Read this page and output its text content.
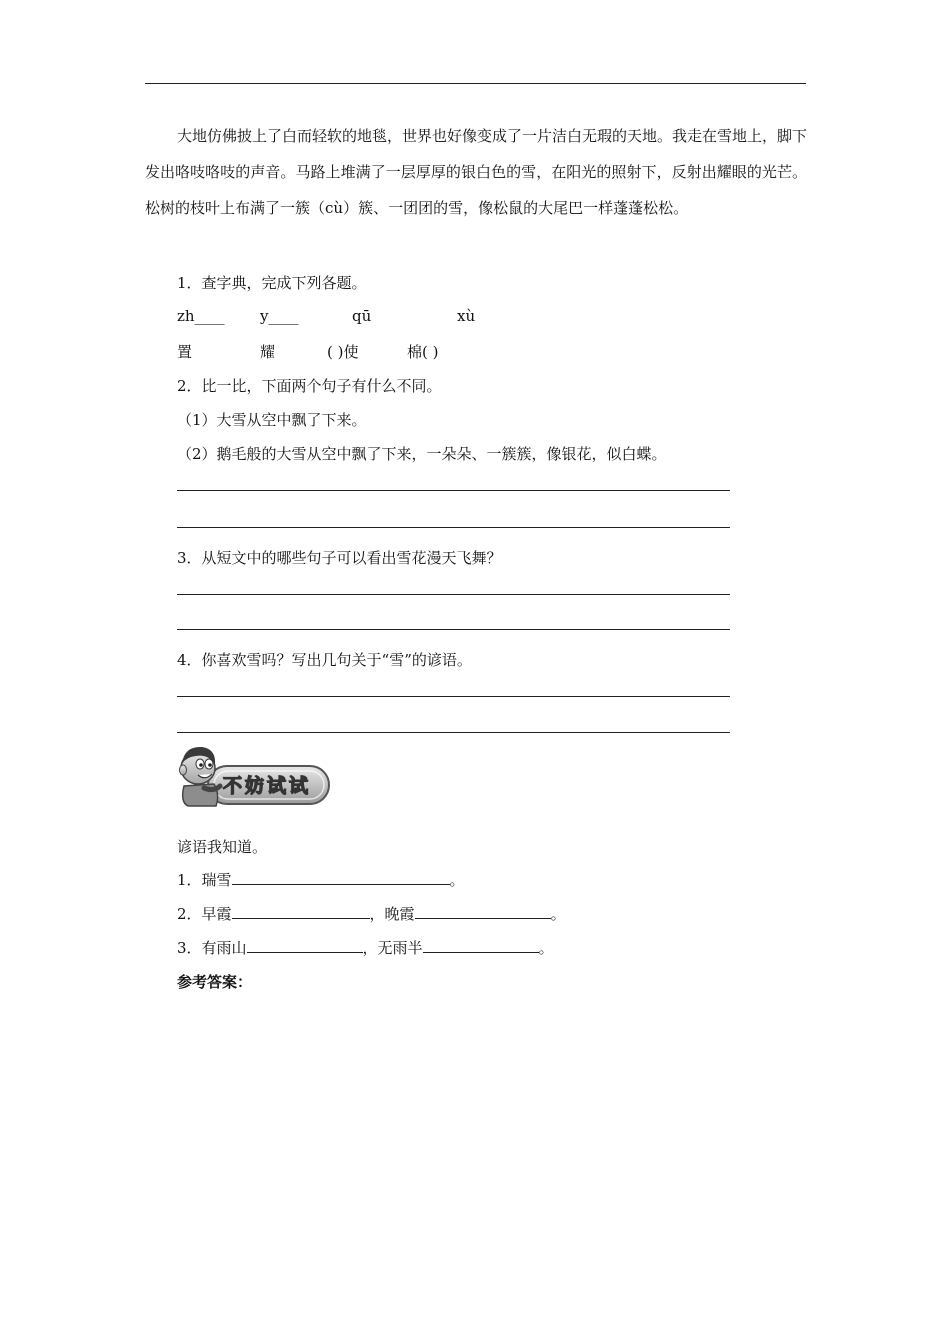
大地仿佛披上了白而轻软的地毯，世界也好像变成了一片洁白无瑕的天地。我走在雪地上，脚下发出咯吱咯吱的声音。马路上堆满了一层厚厚的银白色的雪，在阳光的照射下，反射出耀眼的光芒。松树的枝叶上布满了一簇（cù）簇、一团团的雪，像松鼠的大尾巴一样蓬蓬松松。
1．查字典，完成下列各题。
zh____ y____	qū	xù
置	耀	( )使	棉( )
2．比一比，下面两个句子有什么不同。
（1）大雪从空中飘了下来。
（2）鹅毛般的大雪从空中飘了下来，一朵朵、一簇簇，像银花，似白蝶。
3．从短文中的哪些句子可以看出雪花漫天飞舞？
4．你喜欢雪吗？写出几句关于“雪”的谚语。
不妨试试
谚语我知道。
1．瑞雪	。
2．早霞	，晚霞	。
3．有雨山	，无雨半	。
参考答案：
